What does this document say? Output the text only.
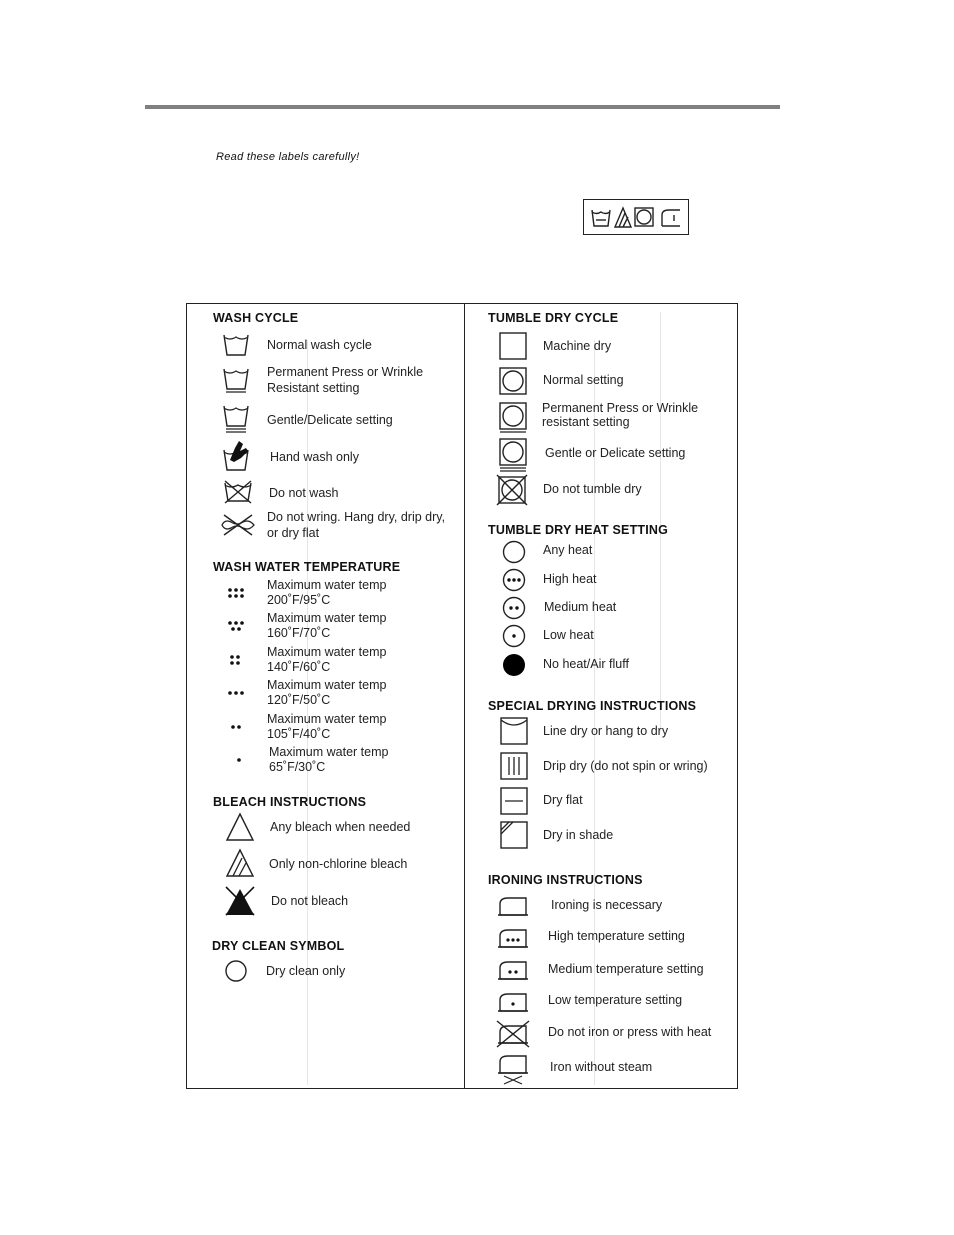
Read these labels carefully!
WASH CYCLE
Normal wash cycle
Permanent Press or Wrinkle Resistant setting
Gentle/Delicate setting
Hand wash only
Do not wash
Do not wring. Hang dry, drip dry, or dry flat
WASH WATER TEMPERATURE
Maximum water temp
200˚F/95˚C
Maximum water temp
160˚F/70˚C
Maximum water temp
140˚F/60˚C
Maximum water temp
120˚F/50˚C
Maximum water temp
105˚F/40˚C
Maximum water temp
65˚F/30˚C
BLEACH INSTRUCTIONS
Any bleach when needed
Only non-chlorine bleach
Do not bleach
DRY CLEAN SYMBOL
Dry clean only
TUMBLE DRY CYCLE
Machine dry
Normal setting
Permanent Press or Wrinkle resistant setting
Gentle or Delicate setting
Do not tumble dry
TUMBLE DRY HEAT SETTING
Any heat
High heat
Medium heat
Low heat
No heat/Air fluff
SPECIAL DRYING INSTRUCTIONS
Line dry or hang to dry
Drip dry (do not spin or wring)
Dry flat
Dry in shade
IRONING INSTRUCTIONS
Ironing is necessary
High temperature setting
Medium temperature setting
Low temperature setting
Do not iron or press with heat
Iron without steam
